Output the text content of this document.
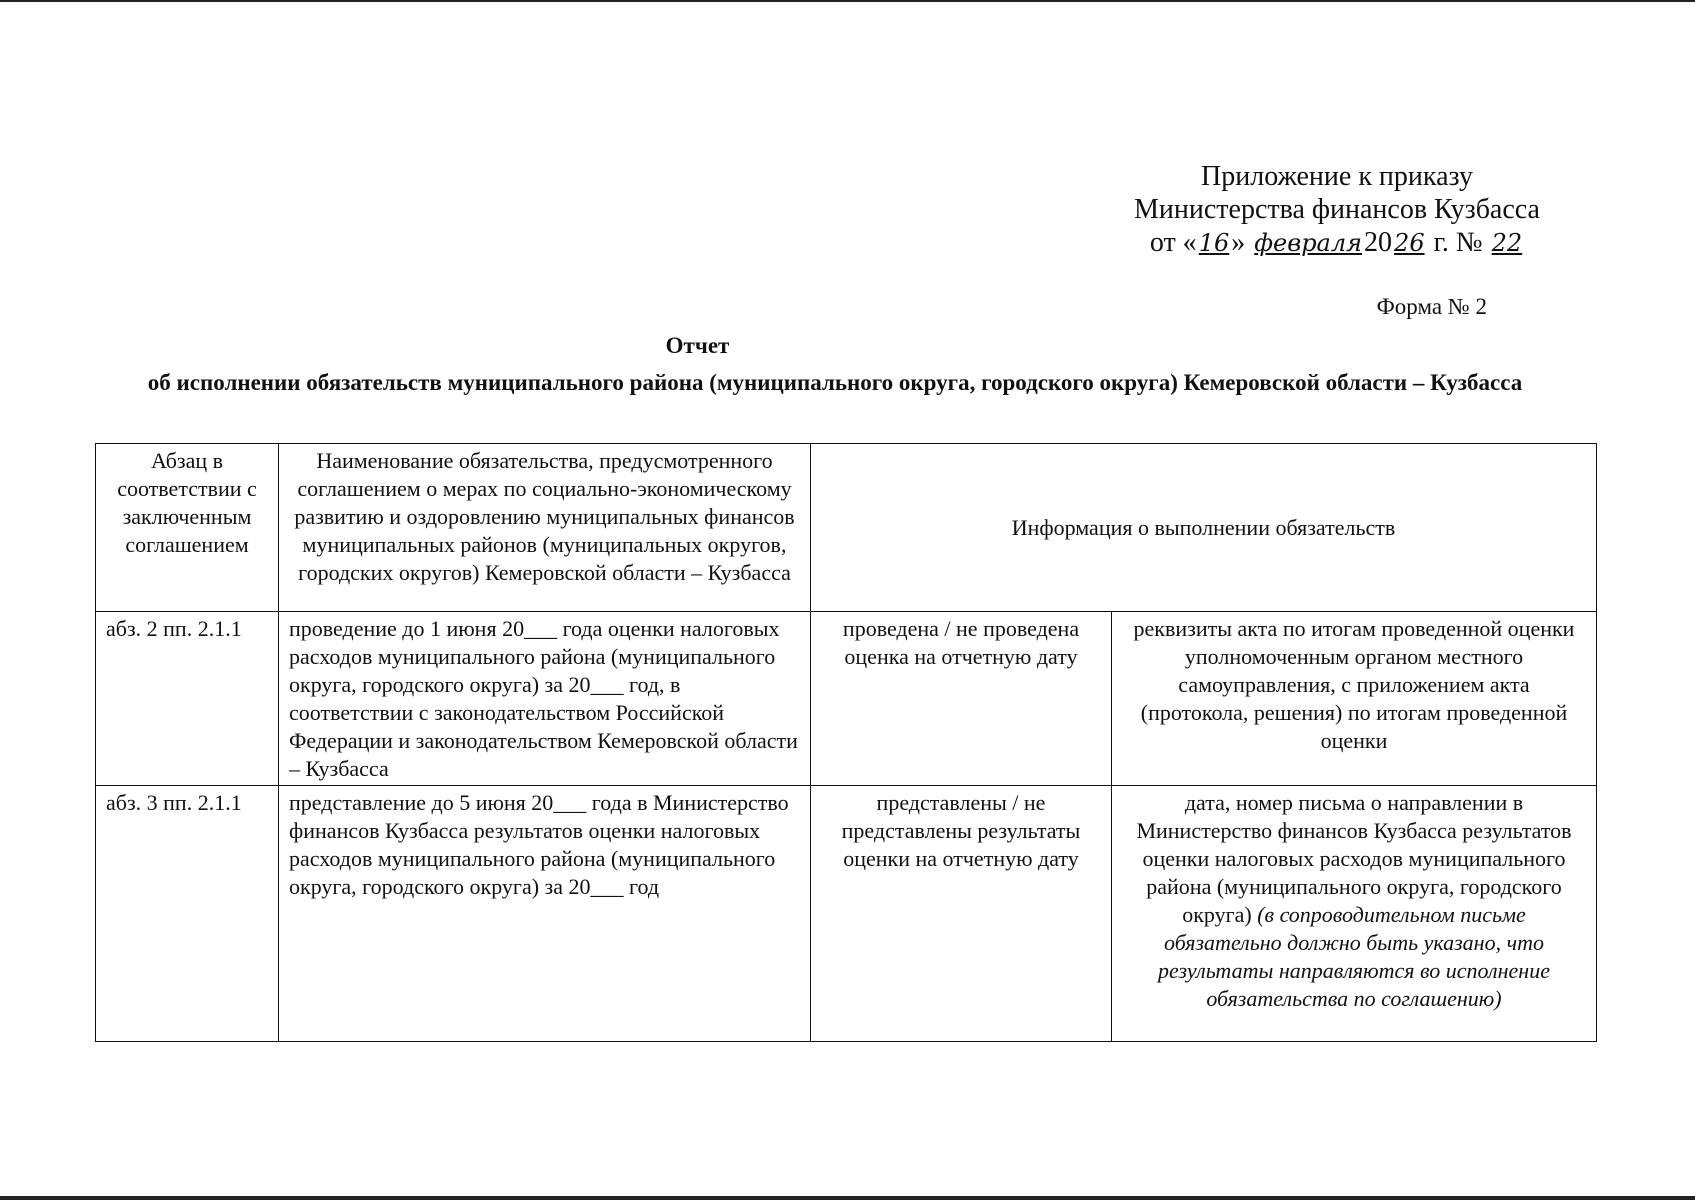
Приложение к приказу
Министерства финансов Кузбасса
от «16» февраля2026 г. № 22
Форма № 2
Отчет
об исполнении обязательств муниципального района (муниципального округа, городского округа) Кемеровской области – Кузбасса
Абзац в соответствии с заключенным соглашением	Наименование обязательства, предусмотренного соглашением о мерах по социально-экономическому развитию и оздоровлению муниципальных финансов муниципальных районов (муниципальных округов, городских округов) Кемеровской области – Кузбасса	Информация о выполнении обязательств	
абз. 2 пп. 2.1.1	проведение до 1 июня 20___ года оценки налоговых расходов муниципального района (муниципального округа, городского округа) за 20___ год, в соответствии с законодательством Российской Федерации и законодательством Кемеровской области – Кузбасса	проведена / не проведена оценка на отчетную дату	реквизиты акта по итогам проведенной оценки уполномоченным органом местного самоуправления, с приложением акта (протокола, решения) по итогам проведенной оценки
абз. 3 пп. 2.1.1	представление до 5 июня 20___ года в Министерство финансов Кузбасса результатов оценки налоговых расходов муниципального района (муниципального округа, городского округа) за 20___ год	представлены / не представлены результаты оценки на отчетную дату	дата, номер письма о направлении в Министерство финансов Кузбасса результатов оценки налоговых расходов муниципального района (муниципального округа, городского округа) (в сопроводительном письме обязательно должно быть указано, что результаты направляются во исполнение обязательства по соглашению)
